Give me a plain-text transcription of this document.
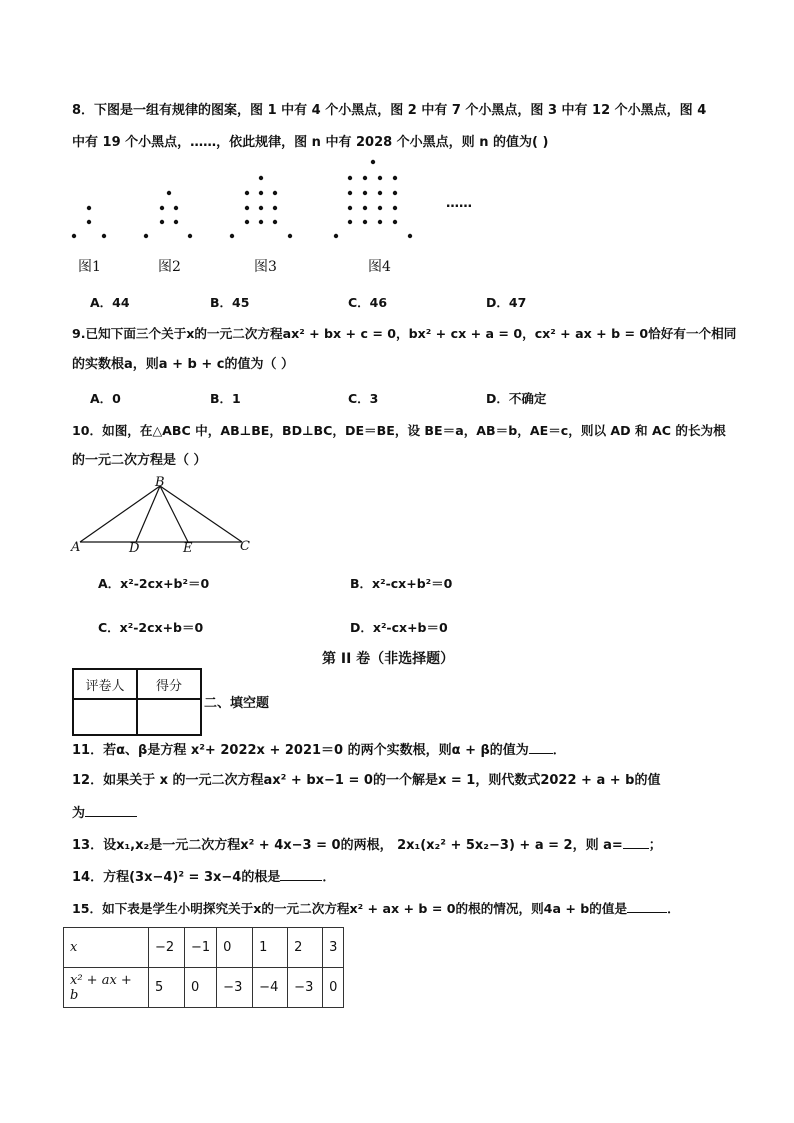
8．下图是一组有规律的图案，图 1 中有 4 个小黑点，图 2 中有 7 个小黑点，图 3 中有 12 个小黑点，图 4
中有 19 个小黑点，……，依此规律，图 n 中有 2028 个小黑点，则 n 的值为( )
……
图1	图2	图3	图4
A．44	B．45	C．46	D．47
9.已知下面三个关于x的一元二次方程ax² + bx + c = 0，bx² + cx + a = 0，cx² + ax + b = 0恰好有一个相同
的实数根a，则a + b + c的值为（ ）
A．0	B．1	C．3	D．不确定
10．如图，在△ABC 中，AB⊥BE，BD⊥BC，DE＝BE，设 BE＝a，AB＝b，AE＝c，则以 AD 和 AC 的长为根
的一元二次方程是（ ）
B
A	D	E	C
A．x²-2cx+b²＝0	B．x²-cx+b²＝0
C．x²-2cx+b＝0	D．x²-cx+b＝0
第 II 卷（非选择题）
评卷人	得分

二、填空题
11．若α、β是方程 x²+ 2022x + 2021＝0 的两个实数根，则α + β的值为 ．
12．如果关于 x 的一元二次方程ax² + bx−1 = 0的一个解是x = 1，则代数式2022 + a + b的值
为
13．设x₁,x₂是一元二次方程x² + 4x−3 = 0的两根， 2x₁(x₂² + 5x₂−3) + a = 2，则 a= ；
14．方程(3x−4)² = 3x−4的根是	．
15．如下表是学生小明探究关于x的一元二次方程x² + ax + b = 0的根的情况，则4a + b的值是	．
x	−2	−1	0	1	2	3
x² + ax + b	5	0	−3	−4	−3	0
